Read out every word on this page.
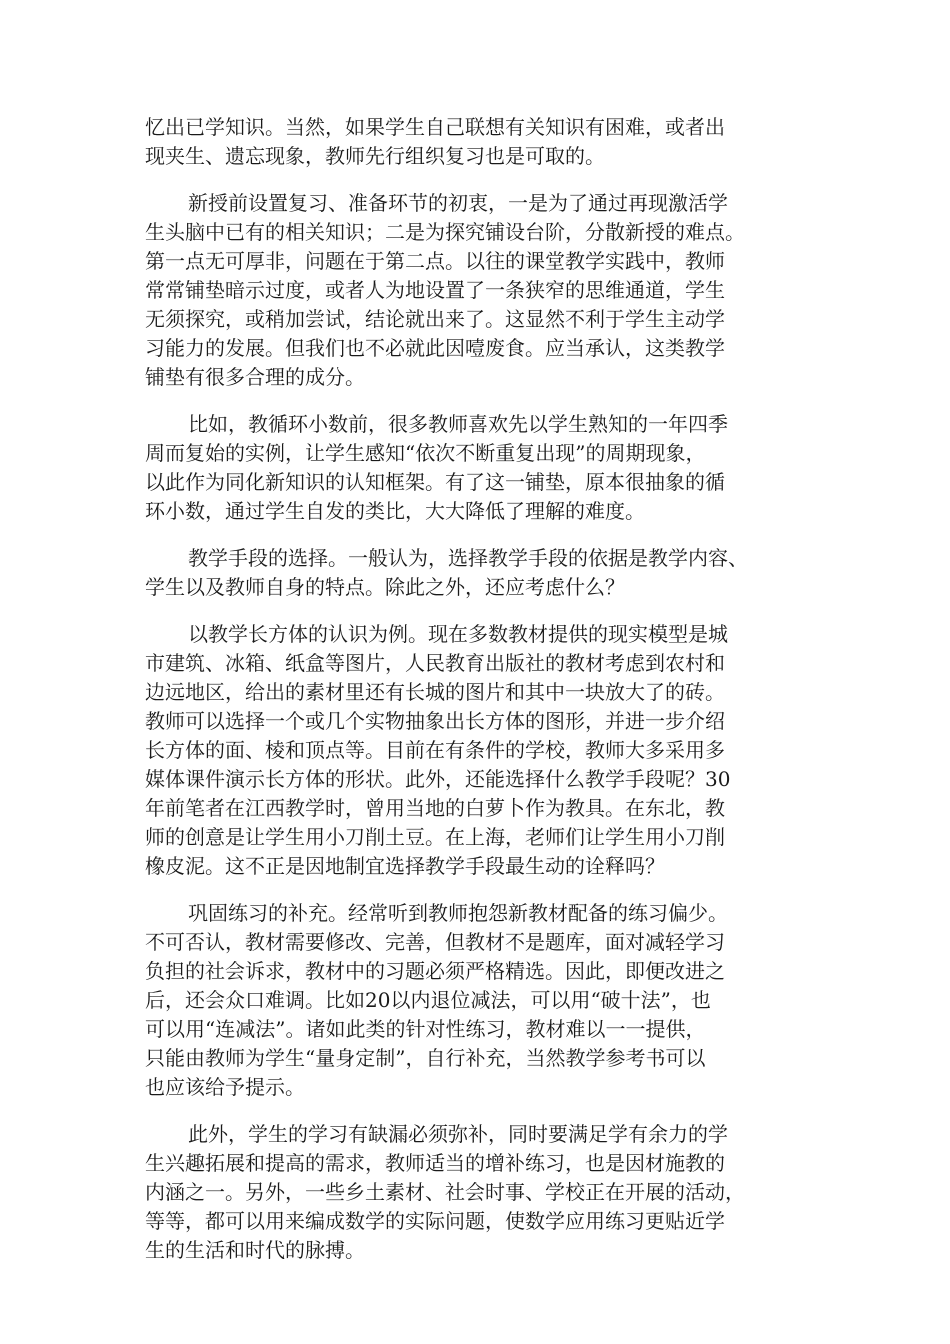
忆出已学知识。当然，如果学生自己联想有关知识有困难，或者出
现夹生、遗忘现象，教师先行组织复习也是可取的。
新授前设置复习、准备环节的初衷，一是为了通过再现激活学
生头脑中已有的相关知识；二是为探究铺设台阶，分散新授的难点。
第一点无可厚非，问题在于第二点。以往的课堂教学实践中，教师
常常铺垫暗示过度，或者人为地设置了一条狭窄的思维通道，学生
无须探究，或稍加尝试，结论就出来了。这显然不利于学生主动学
习能力的发展。但我们也不必就此因噎废食。应当承认，这类教学
铺垫有很多合理的成分。
比如，教循环小数前，很多教师喜欢先以学生熟知的一年四季
周而复始的实例，让学生感知“依次不断重复出现”的周期现象，
以此作为同化新知识的认知框架。有了这一铺垫，原本很抽象的循
环小数，通过学生自发的类比，大大降低了理解的难度。
教学手段的选择。一般认为，选择教学手段的依据是教学内容、
学生以及教师自身的特点。除此之外，还应考虑什么？
以教学长方体的认识为例。现在多数教材提供的现实模型是城
市建筑、冰箱、纸盒等图片，人民教育出版社的教材考虑到农村和
边远地区，给出的素材里还有长城的图片和其中一块放大了的砖。
教师可以选择一个或几个实物抽象出长方体的图形，并进一步介绍
长方体的面、棱和顶点等。目前在有条件的学校，教师大多采用多
媒体课件演示长方体的形状。此外，还能选择什么教学手段呢？30
年前笔者在江西教学时，曾用当地的白萝卜作为教具。在东北，教
师的创意是让学生用小刀削土豆。在上海，老师们让学生用小刀削
橡皮泥。这不正是因地制宜选择教学手段最生动的诠释吗？
巩固练习的补充。经常听到教师抱怨新教材配备的练习偏少。
不可否认，教材需要修改、完善，但教材不是题库，面对减轻学习
负担的社会诉求，教材中的习题必须严格精选。因此，即便改进之
后，还会众口难调。比如20以内退位减法，可以用“破十法”，也
可以用“连减法”。诸如此类的针对性练习，教材难以一一提供，
只能由教师为学生“量身定制”，自行补充，当然教学参考书可以
也应该给予提示。
此外，学生的学习有缺漏必须弥补，同时要满足学有余力的学
生兴趣拓展和提高的需求，教师适当的增补练习，也是因材施教的
内涵之一。另外，一些乡土素材、社会时事、学校正在开展的活动，
等等，都可以用来编成数学的实际问题，使数学应用练习更贴近学
生的生活和时代的脉搏。
